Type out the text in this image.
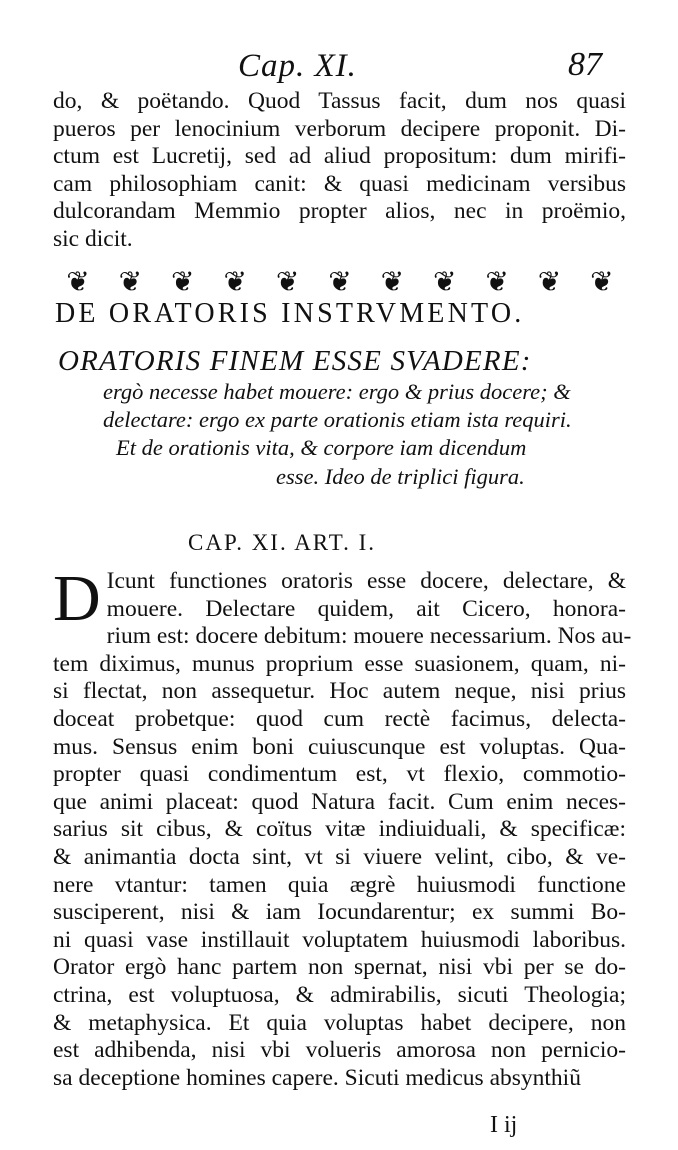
Cap. XI.	87
do, & poëtando. Quod Tassus facit, dum nos quasi
pueros per lenocinium verborum decipere proponit. Di-
ctum est Lucretij, sed ad aliud propositum: dum mirifi-
cam philosophiam canit: & quasi medicinam versibus
dulcorandam Memmio propter alios, nec in proëmio,
sic dicit.
❦	❦	❦	❦	❦	❦	❦	❦	❦	❦	❦
DE ORATORIS INSTRVMENTO.
ORATORIS FINEM ESSE SVADERE:
ergò necesse habet mouere: ergo & prius docere; &
delectare: ergo ex parte orationis etiam ista requiri.
Et de orationis vita, & corpore iam dicendum
esse. Ideo de triplici figura.
CAP. XI. ART. I.
D Icunt functiones oratoris esse docere, delectare, &
mouere. Delectare quidem, ait Cicero, honora-
rium est: docere debitum: mouere necessarium. Nos au-
tem diximus, munus proprium esse suasionem, quam, ni-
si flectat, non assequetur. Hoc autem neque, nisi prius
doceat probetque: quod cum rectè facimus, delecta-
mus. Sensus enim boni cuiuscunque est voluptas. Qua-
propter quasi condimentum est, vt flexio, commotio-
que animi placeat: quod Natura facit. Cum enim neces-
sarius sit cibus, & coïtus vitæ indiuiduali, & specificæ:
& animantia docta sint, vt si viuere velint, cibo, & ve-
nere vtantur: tamen quia ægrè huiusmodi functione
susciperent, nisi & iam Iocundarentur; ex summi Bo-
ni quasi vase instillauit voluptatem huiusmodi laboribus.
Orator ergò hanc partem non spernat, nisi vbi per se do-
ctrina, est voluptuosa, & admirabilis, sicuti Theologia;
& metaphysica. Et quia voluptas habet decipere, non
est adhibenda, nisi vbi volueris amorosa non pernicio-
sa deceptione homines capere. Sicuti medicus absynthiũ
I ij
